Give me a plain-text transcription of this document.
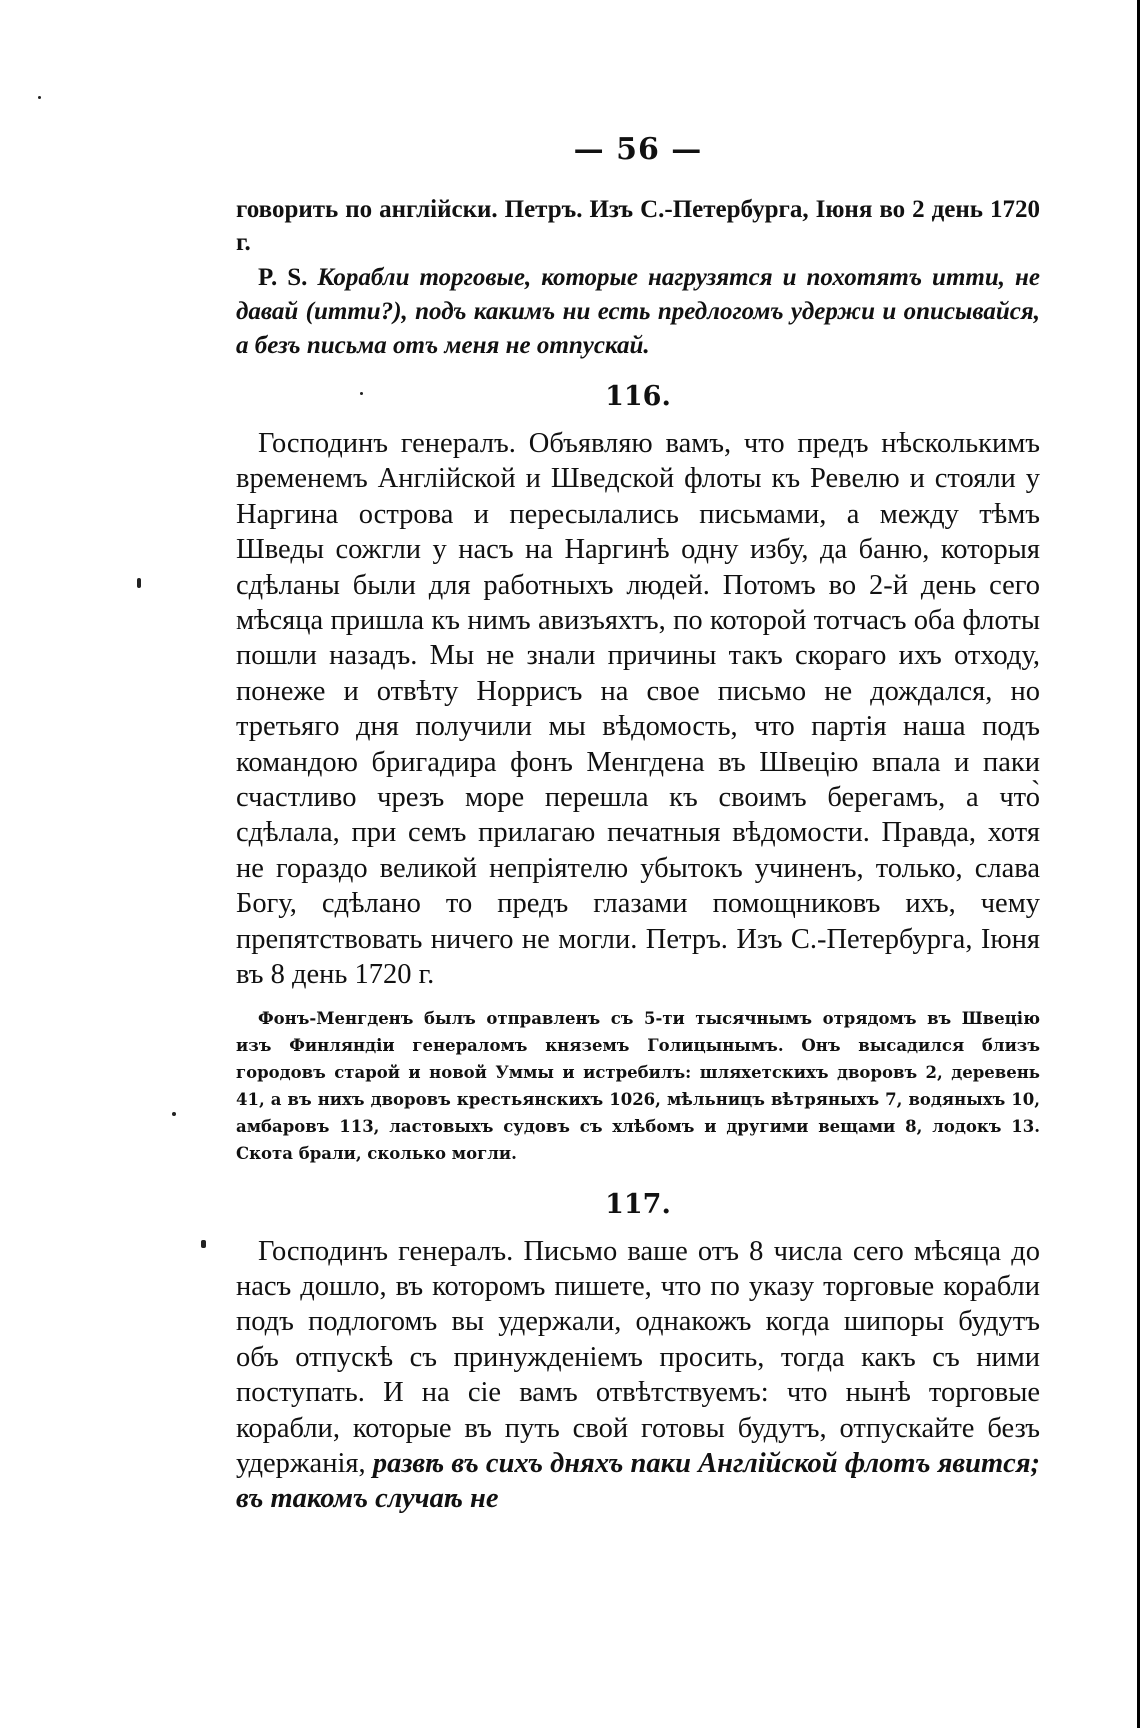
— 56 —

говорить по англійски. Петръ. Изъ С.-Петербурга, Іюня во 2 день 1720 г.

P. S. Корабли торговые, которые нагрузятся и похотятъ итти, не давай (итти?), подъ какимъ ни есть предлогомъ удержи и описывайся, а безъ письма отъ меня не отпускай.

116.

Господинъ генералъ. Объявляю вамъ, что предъ нѣсколькимъ временемъ Англійской и Шведской флоты къ Ревелю и стояли у Наргина острова и пересылались письмами, а между тѣмъ Шведы сожгли у насъ на Наргинѣ одну избу, да баню, которыя сдѣланы были для работныхъ людей. Потомъ во 2-й день сего мѣсяца пришла къ нимъ авизъяхтъ, по которой тотчасъ оба флоты пошли назадъ. Мы не знали причины такъ скораго ихъ отходу, понеже и отвѣту Норрисъ на свое письмо не дождался, но третьяго дня получили мы вѣдомость, что партія наша подъ командою бригадира фонъ Менгдена въ Швецію впала и паки счастливо чрезъ море перешла къ своимъ берегамъ, а что̀ сдѣлала, при семъ прилагаю печатныя вѣдомости. Правда, хотя не гораздо великой непріятелю убытокъ учиненъ, только, слава Богу, сдѣлано то предъ глазами помощниковъ ихъ, чему препятствовать ничего не могли. Петръ. Изъ С.-Петербурга, Іюня въ 8 день 1720 г.

Фонъ-Менгденъ былъ отправленъ съ 5-ти тысячнымъ отрядомъ въ Швецію изъ Финляндіи генераломъ княземъ Голицынымъ. Онъ высадился близъ городовъ старой и новой Уммы и истребилъ: шляхетскихъ дворовъ 2, деревень 41, а въ нихъ дворовъ крестьянскихъ 1026, мѣльницъ вѣтряныхъ 7, водяныхъ 10, амбаровъ 113, ластовыхъ судовъ съ хлѣбомъ и другими вещами 8, лодокъ 13. Скота брали, сколько могли.

117.

Господинъ генералъ. Письмо ваше отъ 8 числа сего мѣсяца до насъ дошло, въ которомъ пишете, что по указу торговые корабли подъ подлогомъ вы удержали, однакожъ когда шипоры будутъ объ отпускѣ съ принужденіемъ просить, тогда какъ съ ними поступать. И на сіе вамъ отвѣтствуемъ: что нынѣ торговые корабли, которые въ путь свой готовы будутъ, отпускайте безъ удержанія, развѣ въ сихъ дняхъ паки Англійской флотъ явится; въ такомъ случаѣ не
